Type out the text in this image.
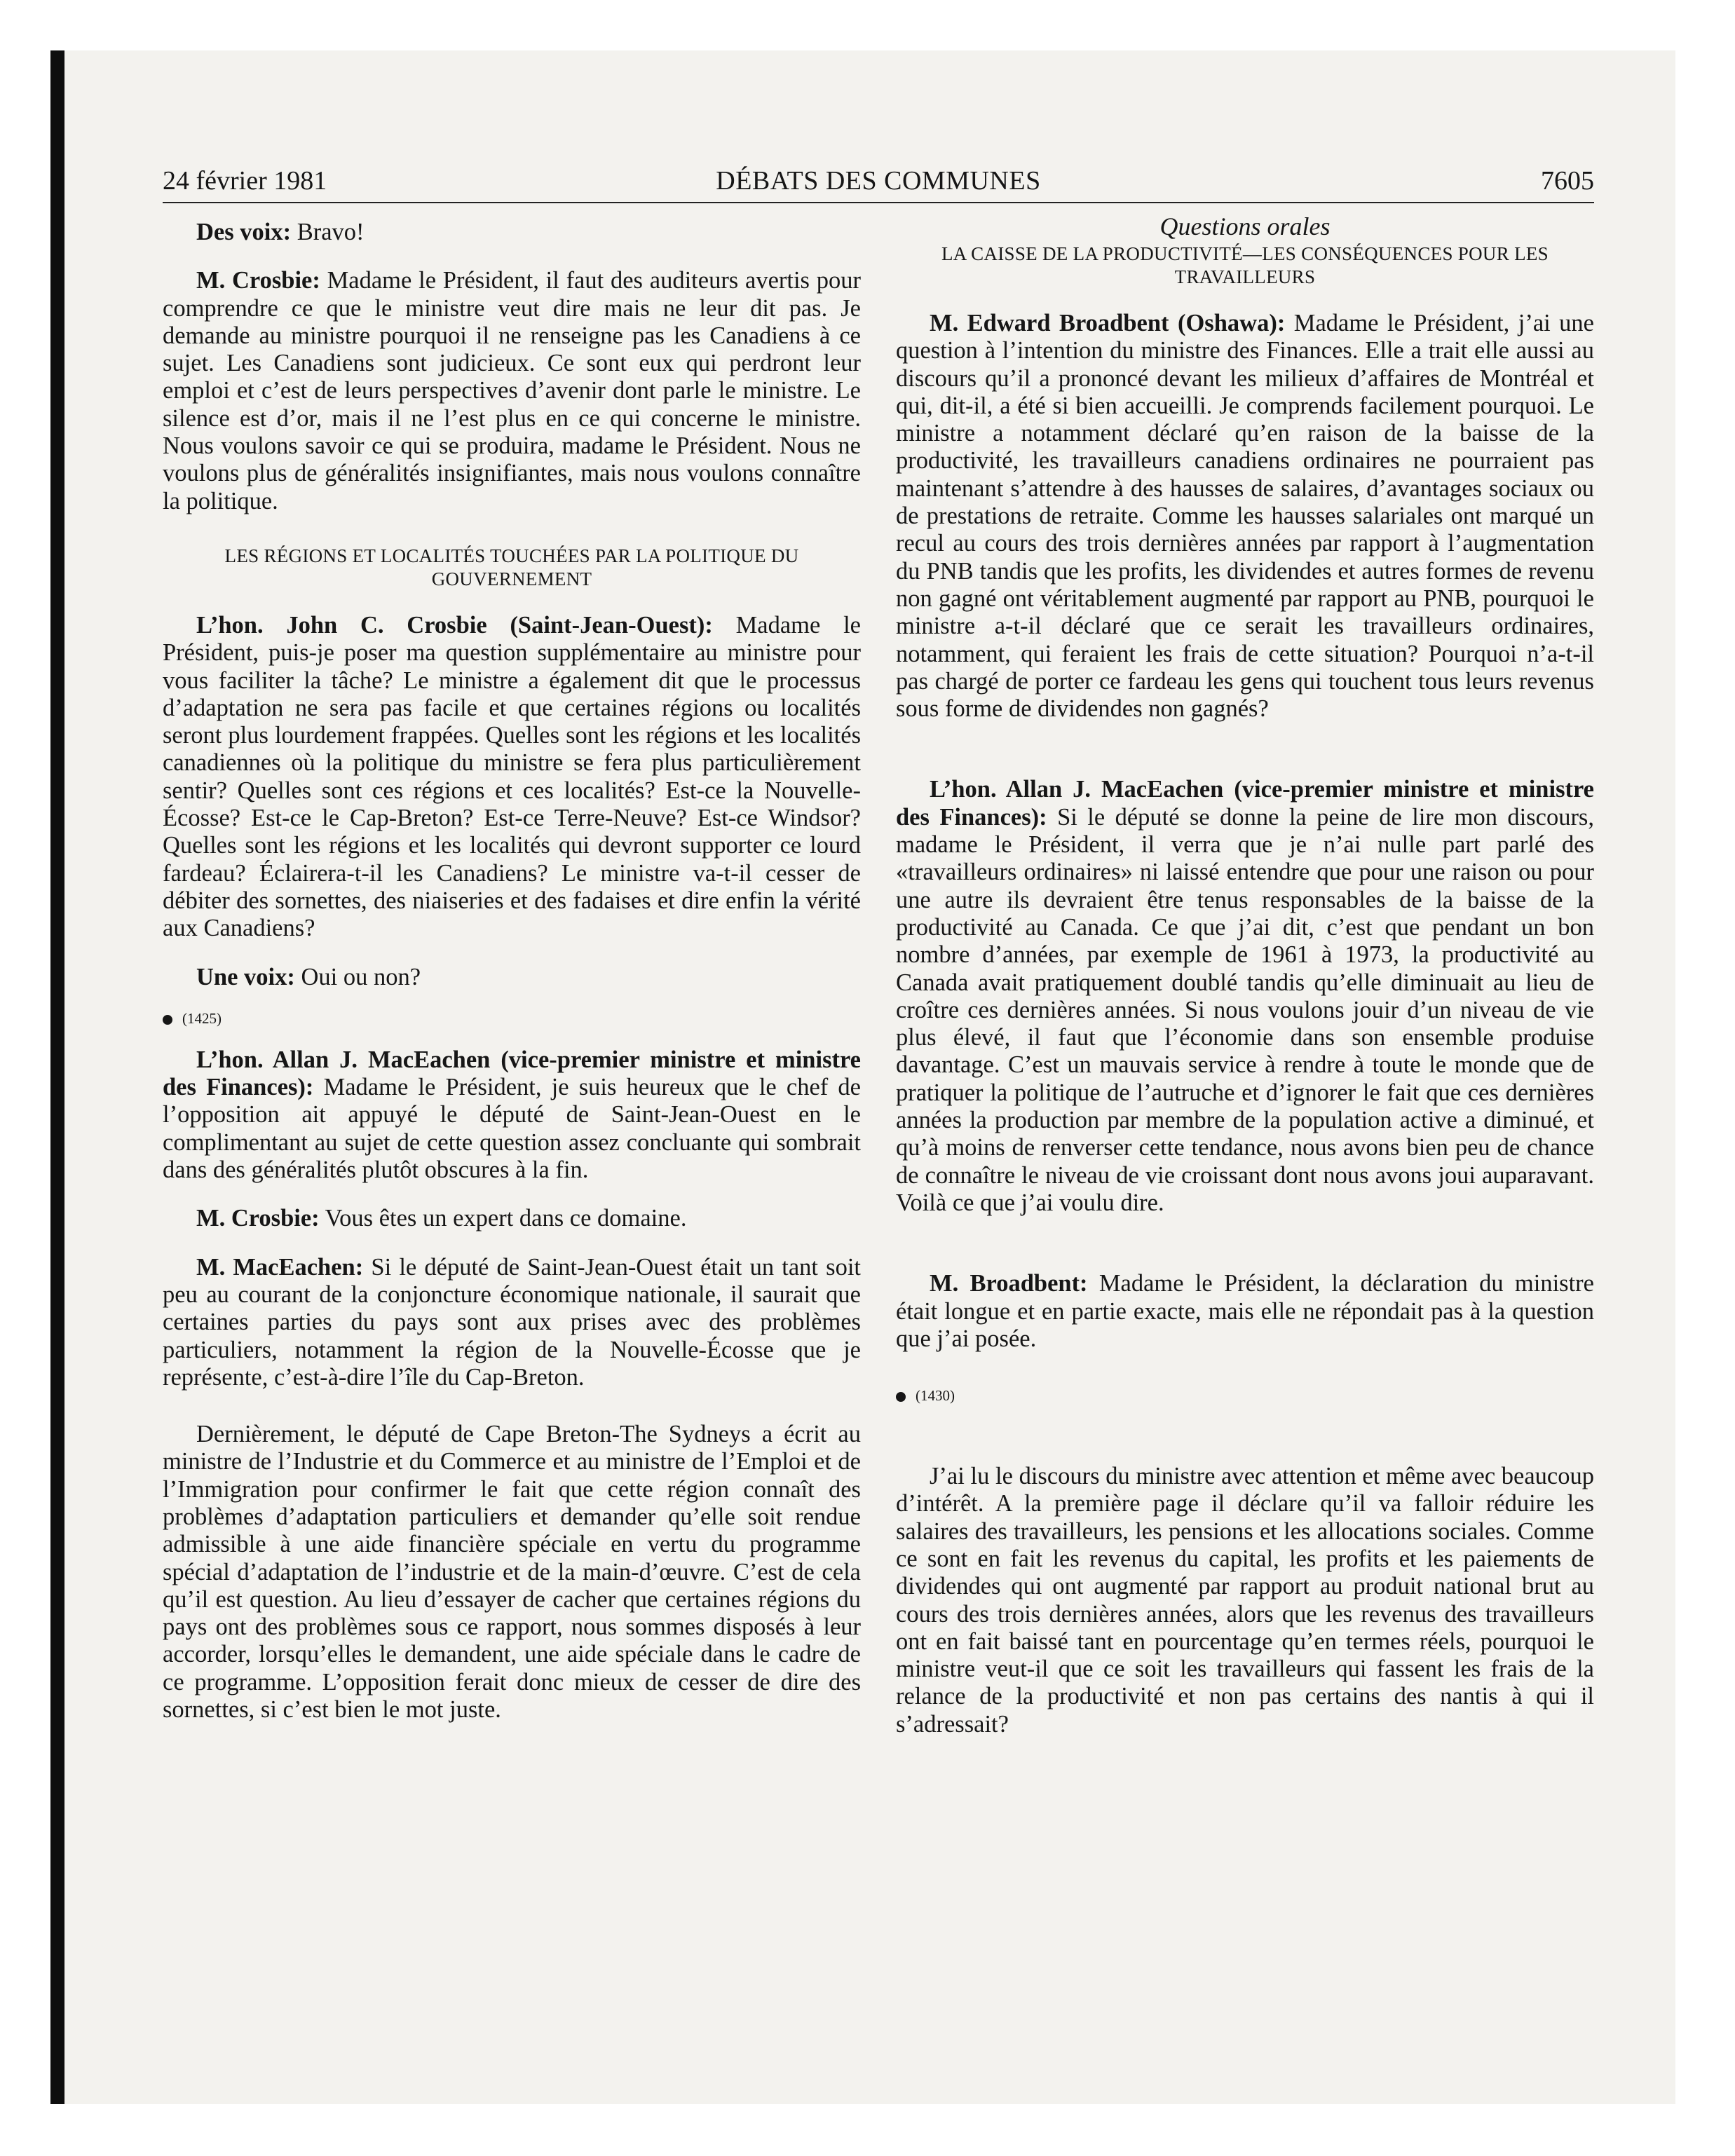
24 février 1981	DÉBATS DES COMMUNES	7605

Des voix: Bravo!

M. Crosbie: Madame le Président, il faut des auditeurs avertis pour comprendre ce que le ministre veut dire mais ne leur dit pas. Je demande au ministre pourquoi il ne renseigne pas les Canadiens à ce sujet. Les Canadiens sont judicieux. Ce sont eux qui perdront leur emploi et c’est de leurs perspectives d’avenir dont parle le ministre. Le silence est d’or, mais il ne l’est plus en ce qui concerne le ministre. Nous voulons savoir ce qui se produira, madame le Président. Nous ne voulons plus de généralités insignifiantes, mais nous voulons connaître la politique.

LES RÉGIONS ET LOCALITÉS TOUCHÉES PAR LA POLITIQUE DU GOUVERNEMENT

L’hon. John C. Crosbie (Saint-Jean-Ouest): Madame le Président, puis-je poser ma question supplémentaire au ministre pour vous faciliter la tâche? Le ministre a également dit que le processus d’adaptation ne sera pas facile et que certaines régions ou localités seront plus lourdement frappées. Quelles sont les régions et les localités canadiennes où la politique du ministre se fera plus particulièrement sentir? Quelles sont ces régions et ces localités? Est-ce la Nouvelle-Écosse? Est-ce le Cap-Breton? Est-ce Terre-Neuve? Est-ce Windsor? Quelles sont les régions et les localités qui devront supporter ce lourd fardeau? Éclairera-t-il les Canadiens? Le ministre va-t-il cesser de débiter des sornettes, des niaiseries et des fadaises et dire enfin la vérité aux Canadiens?

Une voix: Oui ou non?

(1425)

L’hon. Allan J. MacEachen (vice-premier ministre et ministre des Finances): Madame le Président, je suis heureux que le chef de l’opposition ait appuyé le député de Saint-Jean-Ouest en le complimentant au sujet de cette question assez concluante qui sombrait dans des généralités plutôt obscures à la fin.

M. Crosbie: Vous êtes un expert dans ce domaine.

M. MacEachen: Si le député de Saint-Jean-Ouest était un tant soit peu au courant de la conjoncture économique nationale, il saurait que certaines parties du pays sont aux prises avec des problèmes particuliers, notamment la région de la Nouvelle-Écosse que je représente, c’est-à-dire l’île du Cap-Breton.

Dernièrement, le député de Cape Breton-The Sydneys a écrit au ministre de l’Industrie et du Commerce et au ministre de l’Emploi et de l’Immigration pour confirmer le fait que cette région connaît des problèmes d’adaptation particuliers et demander qu’elle soit rendue admissible à une aide financière spéciale en vertu du programme spécial d’adaptation de l’industrie et de la main-d’œuvre. C’est de cela qu’il est question. Au lieu d’essayer de cacher que certaines régions du pays ont des problèmes sous ce rapport, nous sommes disposés à leur accorder, lorsqu’elles le demandent, une aide spéciale dans le cadre de ce programme. L’opposition ferait donc mieux de cesser de dire des sornettes, si c’est bien le mot juste.

Questions orales
LA CAISSE DE LA PRODUCTIVITÉ—LES CONSÉQUENCES POUR LES TRAVAILLEURS

M. Edward Broadbent (Oshawa): Madame le Président, j’ai une question à l’intention du ministre des Finances. Elle a trait elle aussi au discours qu’il a prononcé devant les milieux d’affaires de Montréal et qui, dit-il, a été si bien accueilli. Je comprends facilement pourquoi. Le ministre a notamment déclaré qu’en raison de la baisse de la productivité, les travailleurs canadiens ordinaires ne pourraient pas maintenant s’attendre à des hausses de salaires, d’avantages sociaux ou de prestations de retraite. Comme les hausses salariales ont marqué un recul au cours des trois dernières années par rapport à l’augmentation du PNB tandis que les profits, les dividendes et autres formes de revenu non gagné ont véritablement augmenté par rapport au PNB, pourquoi le ministre a-t-il déclaré que ce serait les travailleurs ordinaires, notamment, qui feraient les frais de cette situation? Pourquoi n’a-t-il pas chargé de porter ce fardeau les gens qui touchent tous leurs revenus sous forme de dividendes non gagnés?

L’hon. Allan J. MacEachen (vice-premier ministre et ministre des Finances): Si le député se donne la peine de lire mon discours, madame le Président, il verra que je n’ai nulle part parlé des «travailleurs ordinaires» ni laissé entendre que pour une raison ou pour une autre ils devraient être tenus responsables de la baisse de la productivité au Canada. Ce que j’ai dit, c’est que pendant un bon nombre d’années, par exemple de 1961 à 1973, la productivité au Canada avait pratiquement doublé tandis qu’elle diminuait au lieu de croître ces dernières années. Si nous voulons jouir d’un niveau de vie plus élevé, il faut que l’économie dans son ensemble produise davantage. C’est un mauvais service à rendre à toute le monde que de pratiquer la politique de l’autruche et d’ignorer le fait que ces dernières années la production par membre de la population active a diminué, et qu’à moins de renverser cette tendance, nous avons bien peu de chance de connaître le niveau de vie croissant dont nous avons joui auparavant. Voilà ce que j’ai voulu dire.

M. Broadbent: Madame le Président, la déclaration du ministre était longue et en partie exacte, mais elle ne répondait pas à la question que j’ai posée.

(1430)

J’ai lu le discours du ministre avec attention et même avec beaucoup d’intérêt. A la première page il déclare qu’il va falloir réduire les salaires des travailleurs, les pensions et les allocations sociales. Comme ce sont en fait les revenus du capital, les profits et les paiements de dividendes qui ont augmenté par rapport au produit national brut au cours des trois dernières années, alors que les revenus des travailleurs ont en fait baissé tant en pourcentage qu’en termes réels, pourquoi le ministre veut-il que ce soit les travailleurs qui fassent les frais de la relance de la productivité et non pas certains des nantis à qui il s’adressait?
